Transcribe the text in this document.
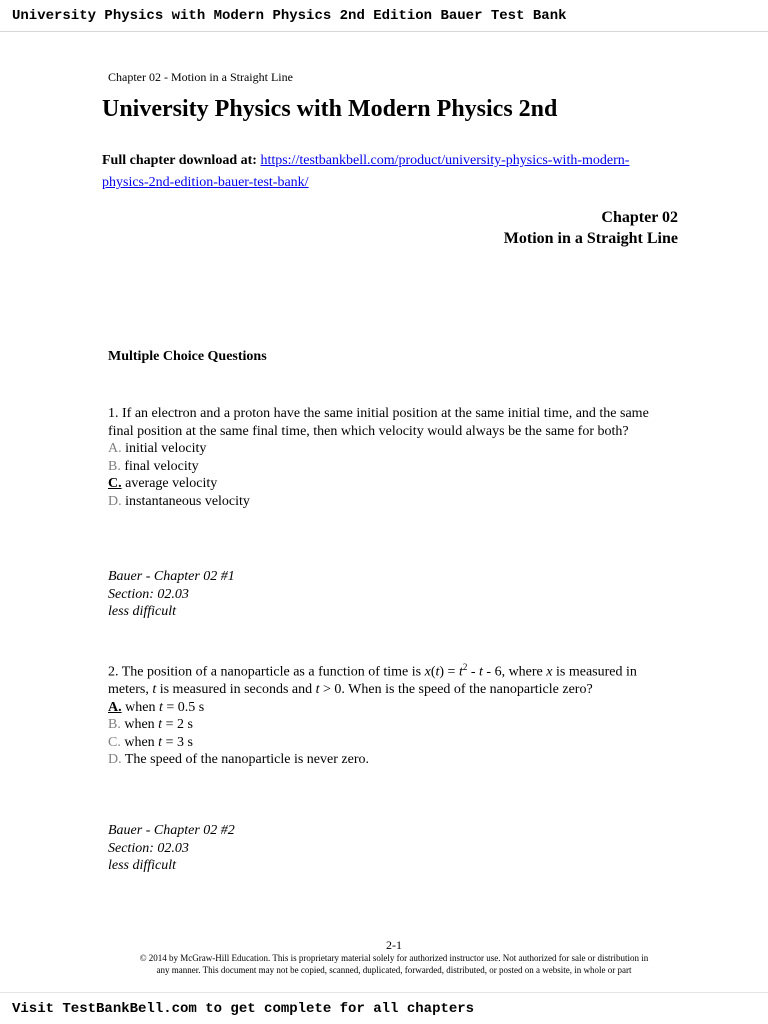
University Physics with Modern Physics 2nd Edition Bauer Test Bank
Chapter 02 - Motion in a Straight Line
University Physics with Modern Physics 2nd
Full chapter download at: https://testbankbell.com/product/university-physics-with-modern-
physics-2nd-edition-bauer-test-bank/
Chapter 02
Motion in a Straight Line
Multiple Choice Questions
1. If an electron and a proton have the same initial position at the same initial time, and the same
final position at the same final time, then which velocity would always be the same for both?
A. initial velocity
B. final velocity
C. average velocity
D. instantaneous velocity
Bauer - Chapter 02 #1
Section: 02.03
less difficult
2. The position of a nanoparticle as a function of time is $x(t) = t^2 - t - 6$, where x is measured in
meters, t is measured in seconds and t > 0. When is the speed of the nanoparticle zero?
A. when t = 0.5 s
B. when t = 2 s
C. when t = 3 s
D. The speed of the nanoparticle is never zero.
Bauer - Chapter 02 #2
Section: 02.03
less difficult
2-1
© 2014 by McGraw-Hill Education. This is proprietary material solely for authorized instructor use. Not authorized for sale or distribution in
any manner. This document may not be copied, scanned, duplicated, forwarded, distributed, or posted on a website, in whole or part
Visit TestBankBell.com to get complete for all chapters
